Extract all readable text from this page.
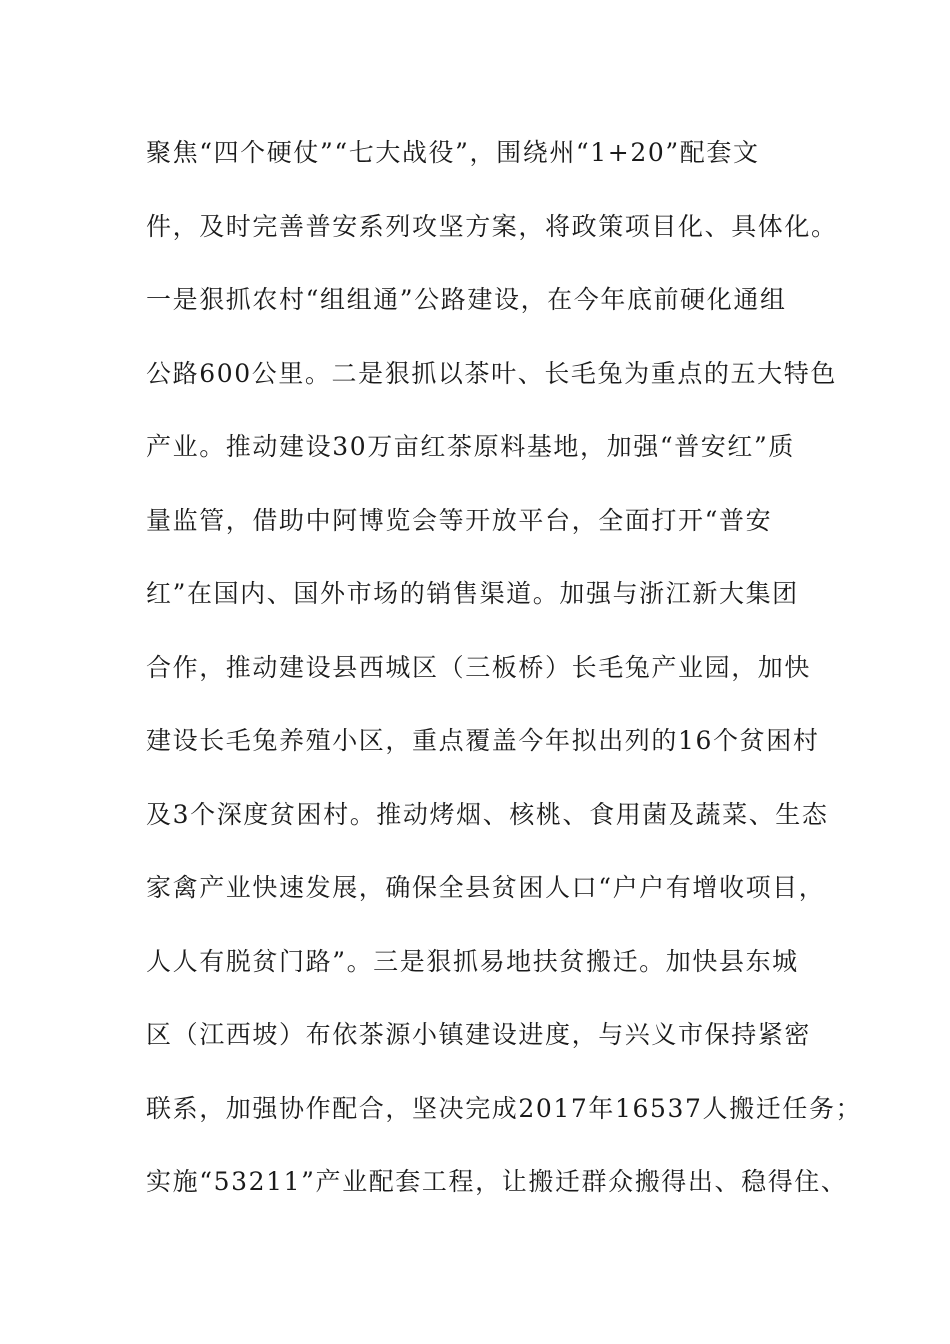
聚焦“四个硬仗”“七大战役”，围绕州“1+20”配套文
件，及时完善普安系列攻坚方案，将政策项目化、具体化。
一是狠抓农村“组组通”公路建设，在今年底前硬化通组
公路600公里。二是狠抓以茶叶、长毛兔为重点的五大特色
产业。推动建设30万亩红茶原料基地，加强“普安红”质
量监管，借助中阿博览会等开放平台，全面打开“普安
红”在国内、国外市场的销售渠道。加强与浙江新大集团
合作，推动建设县西城区（三板桥）长毛兔产业园，加快
建设长毛兔养殖小区，重点覆盖今年拟出列的16个贫困村
及3个深度贫困村。推动烤烟、核桃、食用菌及蔬菜、生态
家禽产业快速发展，确保全县贫困人口“户户有增收项目，
人人有脱贫门路”。三是狠抓易地扶贫搬迁。加快县东城
区（江西坡）布依茶源小镇建设进度，与兴义市保持紧密
联系，加强协作配合，坚决完成2017年16537人搬迁任务；
实施“53211”产业配套工程，让搬迁群众搬得出、稳得住、
